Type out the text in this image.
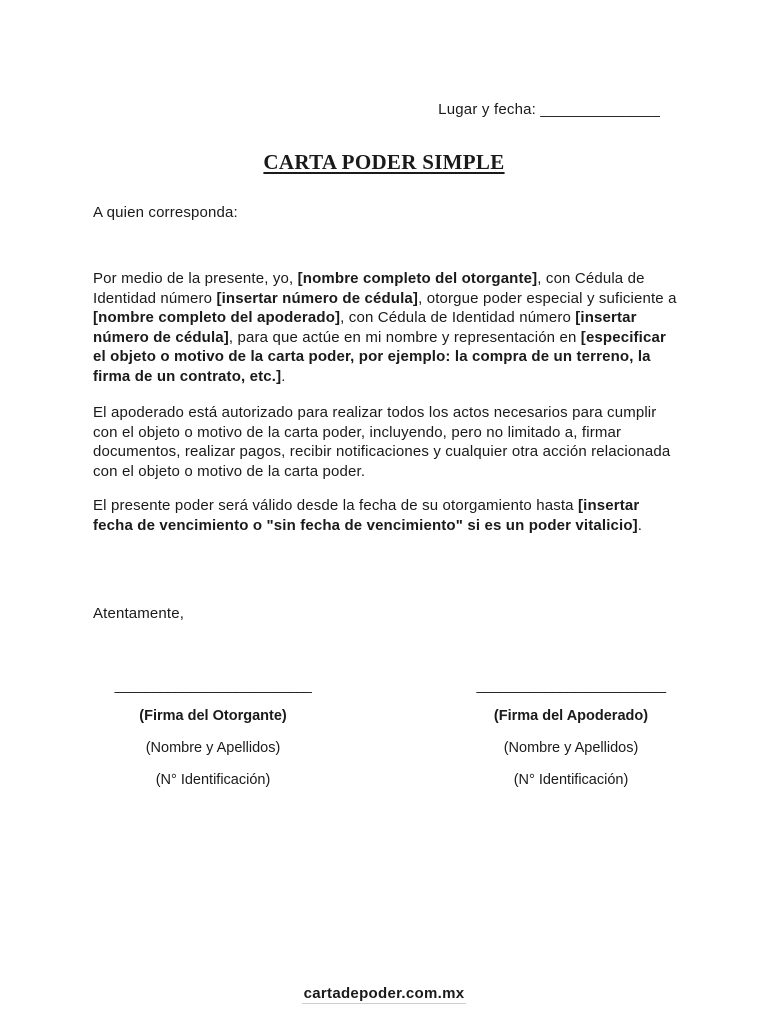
Lugar y fecha: ______________
CARTA PODER SIMPLE
A quien corresponda:
Por medio de la presente, yo, [nombre completo del otorgante], con Cédula de Identidad número [insertar número de cédula], otorgue poder especial y suficiente a [nombre completo del apoderado], con Cédula de Identidad número [insertar número de cédula], para que actúe en mi nombre y representación en [especificar el objeto o motivo de la carta poder, por ejemplo: la compra de un terreno, la firma de un contrato, etc.].
El apoderado está autorizado para realizar todos los actos necesarios para cumplir con el objeto o motivo de la carta poder, incluyendo, pero no limitado a, firmar documentos, realizar pagos, recibir notificaciones y cualquier otra acción relacionada con el objeto o motivo de la carta poder.
El presente poder será válido desde la fecha de su otorgamiento hasta [insertar fecha de vencimiento o "sin fecha de vencimiento" si es un poder vitalicio].
Atentamente,
__________________________
(Firma del Otorgante)
(Nombre y Apellidos)
(N° Identificación)
_________________________
(Firma del Apoderado)
(Nombre y Apellidos)
(N° Identificación)
cartadepoder.com.mx
